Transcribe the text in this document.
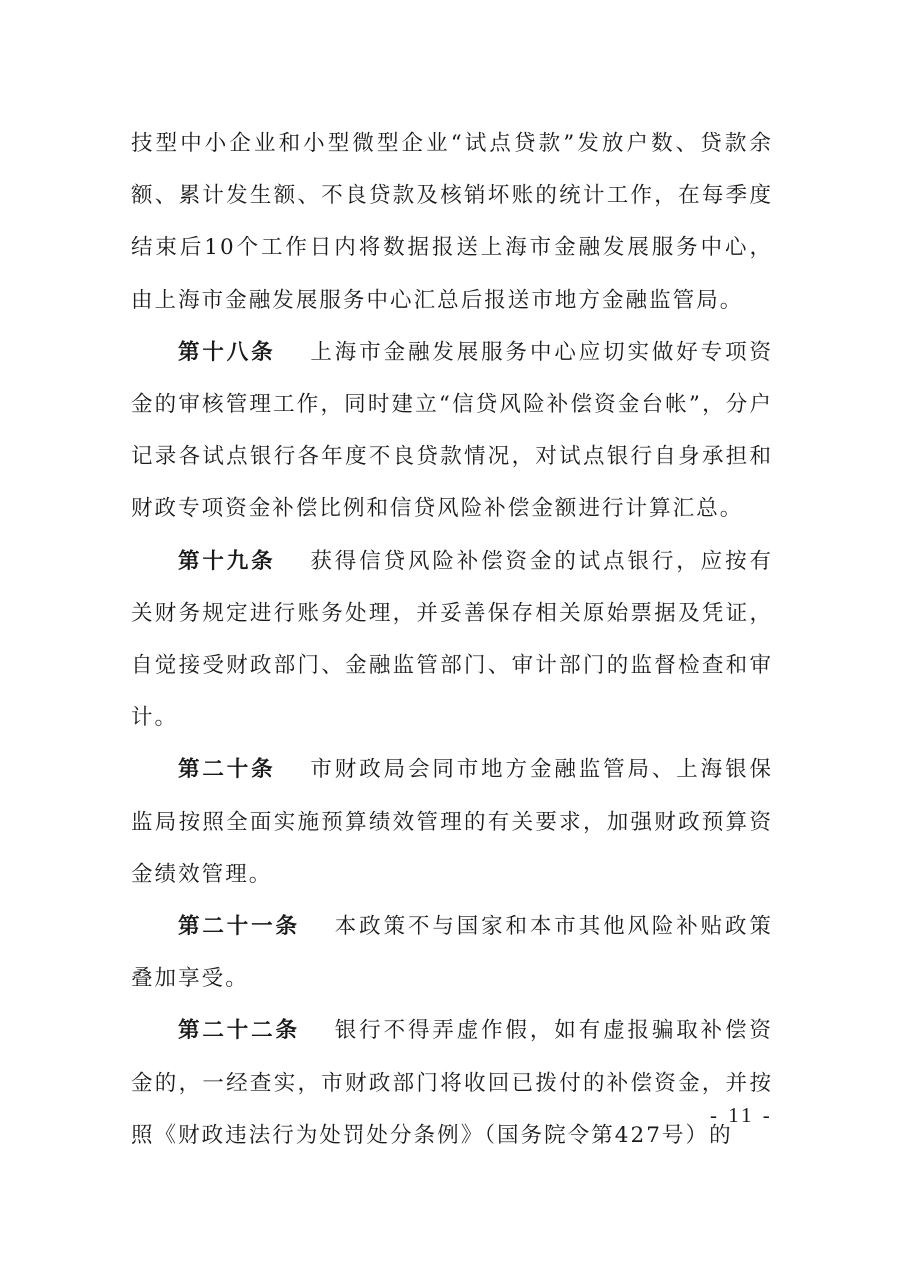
技型中小企业和小型微型企业“试点贷款”发放户数、贷款余额、累计发生额、不良贷款及核销坏账的统计工作，在每季度结束后10个工作日内将数据报送上海市金融发展服务中心，由上海市金融发展服务中心汇总后报送市地方金融监管局。

第十八条 上海市金融发展服务中心应切实做好专项资金的审核管理工作，同时建立“信贷风险补偿资金台帐”，分户记录各试点银行各年度不良贷款情况，对试点银行自身承担和财政专项资金补偿比例和信贷风险补偿金额进行计算汇总。

第十九条 获得信贷风险补偿资金的试点银行，应按有关财务规定进行账务处理，并妥善保存相关原始票据及凭证，自觉接受财政部门、金融监管部门、审计部门的监督检查和审计。

第二十条 市财政局会同市地方金融监管局、上海银保监局按照全面实施预算绩效管理的有关要求，加强财政预算资金绩效管理。

第二十一条 本政策不与国家和本市其他风险补贴政策叠加享受。

第二十二条 银行不得弄虚作假，如有虚报骗取补偿资金的，一经查实，市财政部门将收回已拨付的补偿资金，并按照《财政违法行为处罚处分条例》（国务院令第427号）的

- 11 -
